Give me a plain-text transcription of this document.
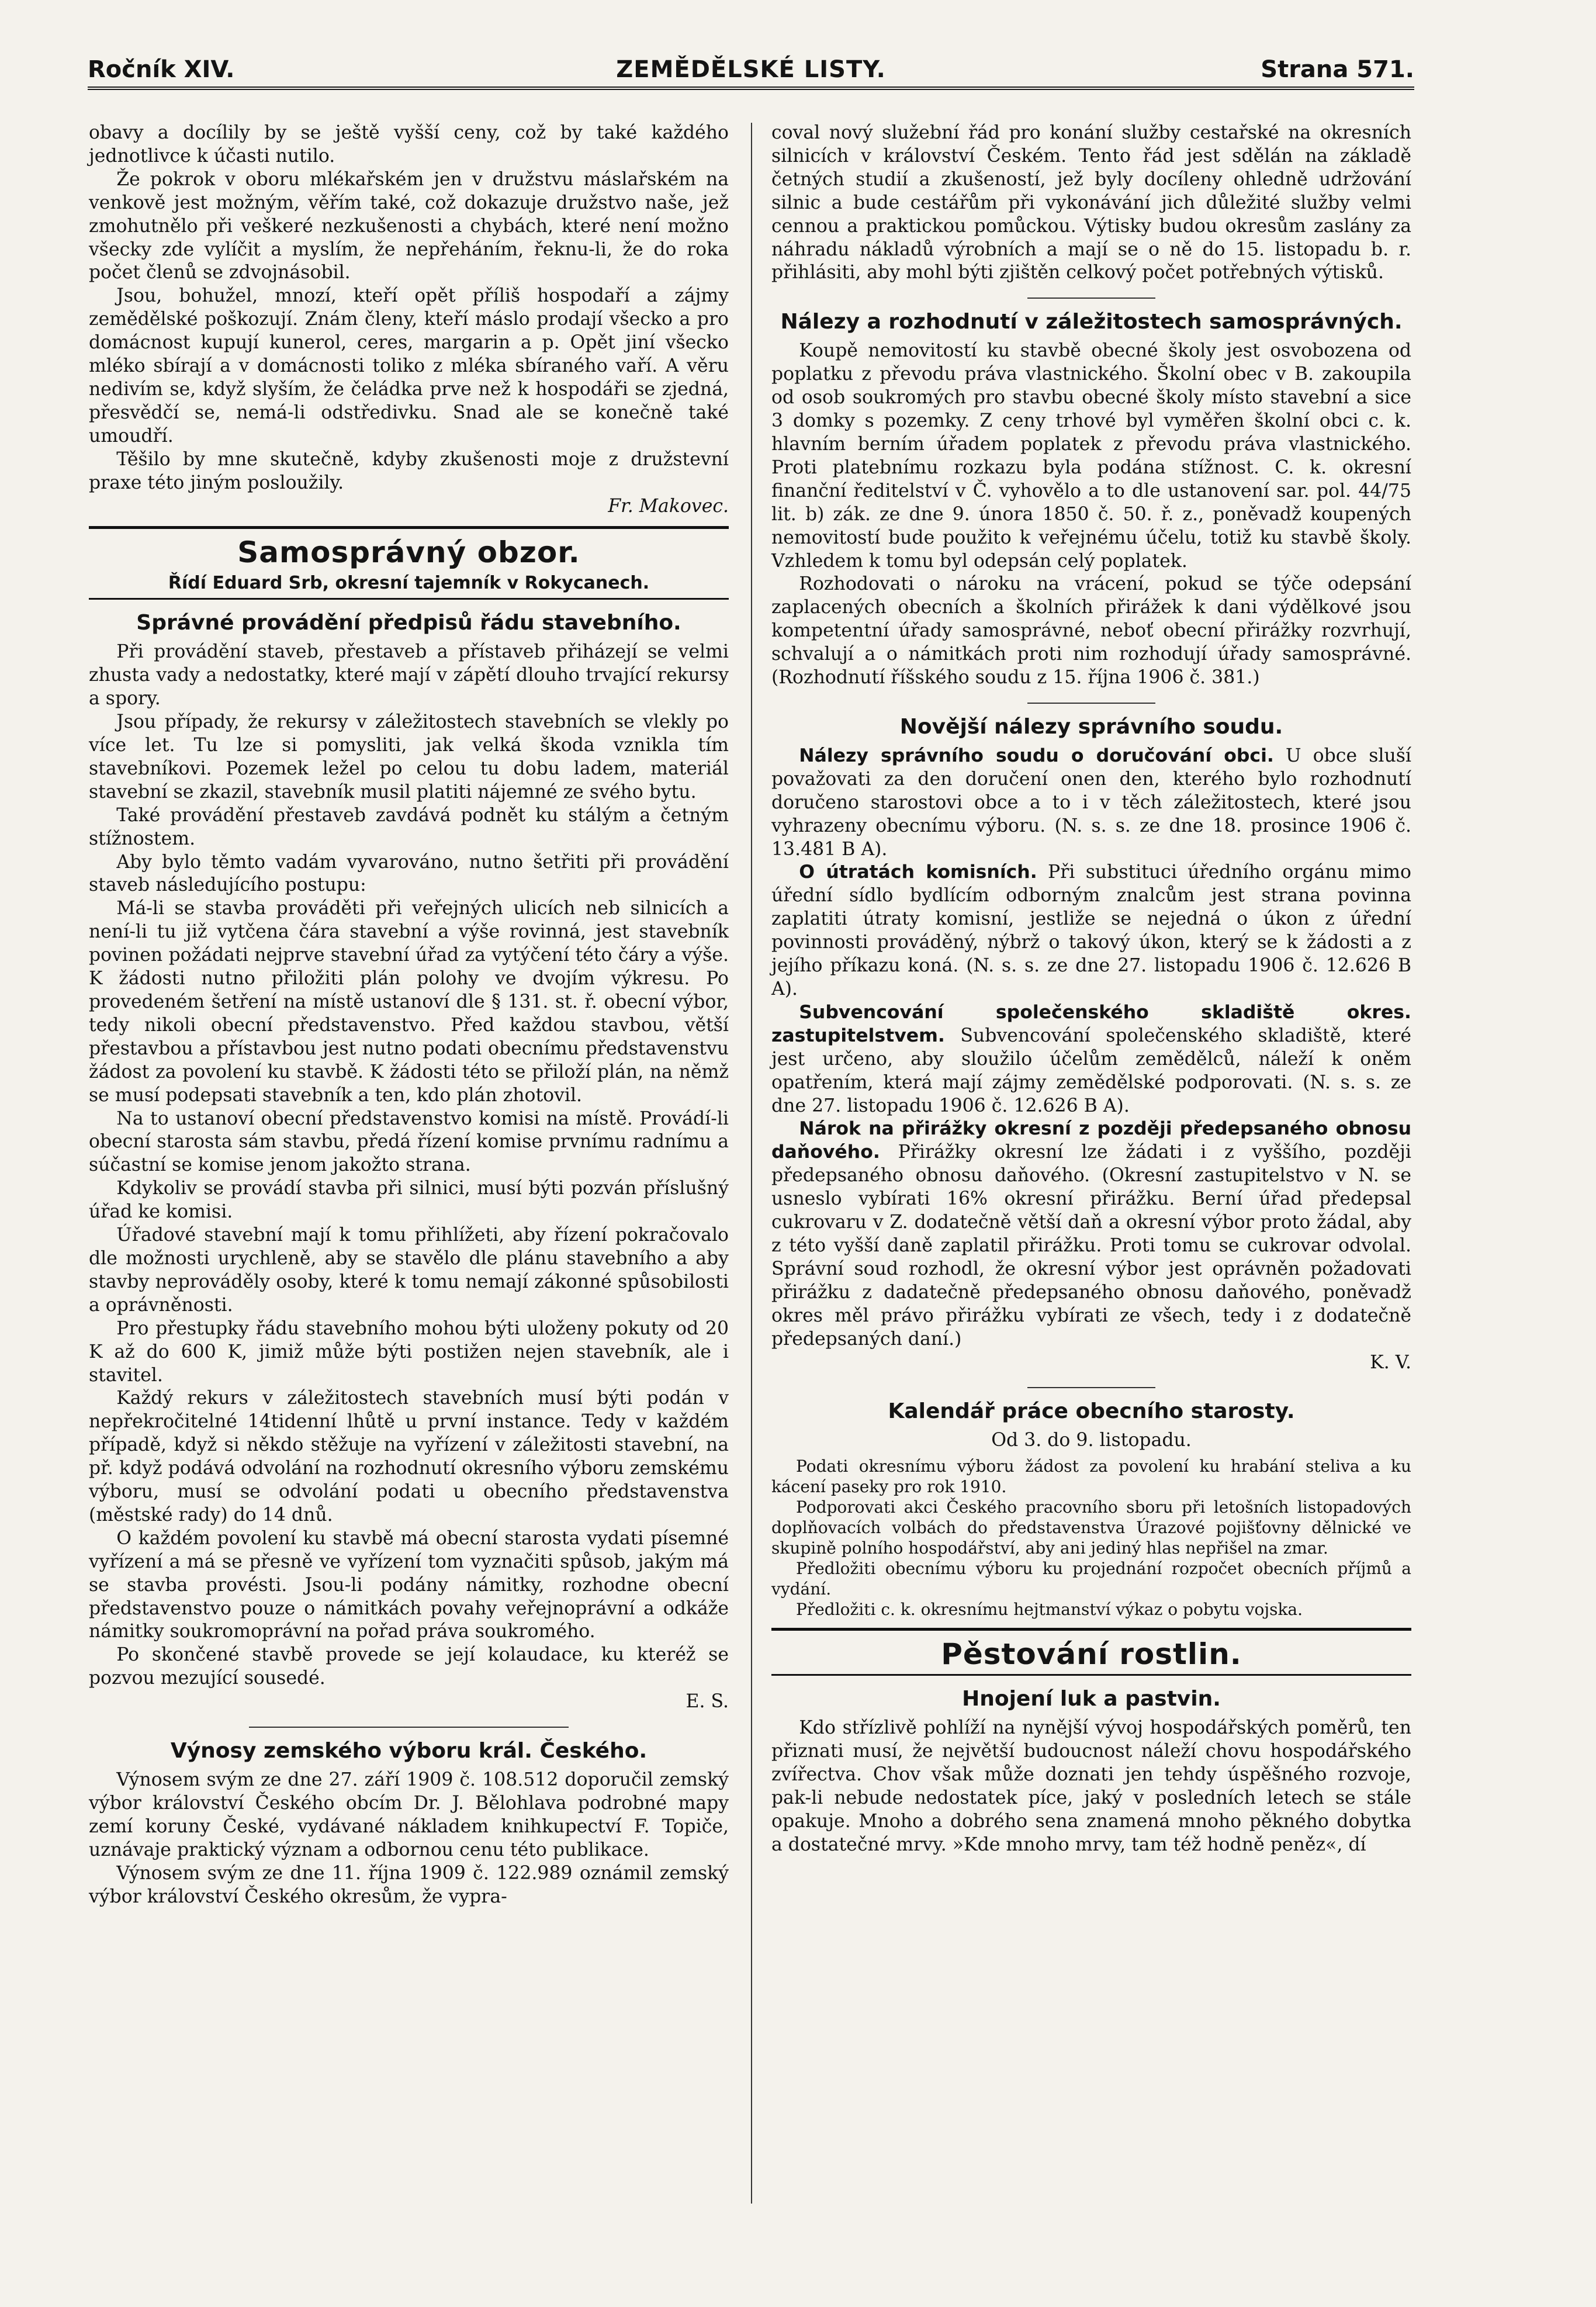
Ročník XIV.	ZEMĚDĚLSKÉ LISTY.	Strana 571.

obavy a docílily by se ještě vyšší ceny, což by také každého jednotlivce k účasti nutilo.

Že pokrok v oboru mlékařském jen v družstvu máslařském na venkově jest možným, věřím také, což dokazuje družstvo naše, jež zmohutnělo při veškeré nezkušenosti a chybách, které není možno všecky zde vylíčit a myslím, že nepřeháním, řeknu-li, že do roka počet členů se zdvojnásobil.

Jsou, bohužel, mnozí, kteří opět příliš hospodaří a zájmy zemědělské poškozují. Znám členy, kteří máslo prodají všecko a pro domácnost kupují kunerol, ceres, margarin a p. Opět jiní všecko mléko sbírají a v domácnosti toliko z mléka sbíraného vaří. A věru nedivím se, když slyším, že čeládka prve než k hospodáři se zjedná, přesvědčí se, nemá-li odstředivku. Snad ale se konečně také umoudří.

Těšilo by mne skutečně, kdyby zkušenosti moje z družstevní praxe této jiným posloužily.

Fr. Makovec.
Samosprávný obzor.
Řídí Eduard Srb, okresní tajemník v Rokycanech.
Správné provádění předpisů řádu stavebního.

Při provádění staveb, přestaveb a přístaveb přiházejí se velmi zhusta vady a nedostatky, které mají v zápětí dlouho trvající rekursy a spory.

Jsou případy, že rekursy v záležitostech stavebních se vlekly po více let. Tu lze si pomysliti, jak velká škoda vznikla tím stavebníkovi. Pozemek ležel po celou tu dobu ladem, materiál stavební se zkazil, stavebník musil platiti nájemné ze svého bytu.

Také provádění přestaveb zavdává podnět ku stálým a četným stížnostem.

Aby bylo těmto vadám vyvarováno, nutno šetřiti při provádění staveb následujícího postupu:

Má-li se stavba prováděti při veřejných ulicích neb silnicích a není-li tu již vytčena čára stavební a výše rovinná, jest stavebník povinen požádati nejprve stavební úřad za vytýčení této čáry a výše. K žádosti nutno přiložiti plán polohy ve dvojím výkresu. Po provedeném šetření na místě ustanoví dle § 131. st. ř. obecní výbor, tedy nikoli obecní představenstvo. Před každou stavbou, větší přestavbou a přístavbou jest nutno podati obecnímu představenstvu žádost za povolení ku stavbě. K žádosti této se přiloží plán, na němž se musí podepsati stavebník a ten, kdo plán zhotovil.

Na to ustanoví obecní představenstvo komisi na místě. Provádí-li obecní starosta sám stavbu, předá řízení komise prvnímu radnímu a súčastní se komise jenom jakožto strana.

Kdykoliv se provádí stavba při silnici, musí býti pozván příslušný úřad ke komisi.

Úřadové stavební mají k tomu přihlížeti, aby řízení pokračovalo dle možnosti urychleně, aby se stavělo dle plánu stavebního a aby stavby neprováděly osoby, které k tomu nemají zákonné spůsobilosti a oprávněnosti.

Pro přestupky řádu stavebního mohou býti uloženy pokuty od 20 K až do 600 K, jimiž může býti postižen nejen stavebník, ale i stavitel.

Každý rekurs v záležitostech stavebních musí býti podán v nepřekročitelné 14tidenní lhůtě u první instance. Tedy v každém případě, když si někdo stěžuje na vyřízení v záležitosti stavební, na př. když podává odvolání na rozhodnutí okresního výboru zemskému výboru, musí se odvolání podati u obecního představenstva (městské rady) do 14 dnů.

O každém povolení ku stavbě má obecní starosta vydati písemné vyřízení a má se přesně ve vyřízení tom vyznačiti spůsob, jakým má se stavba provésti. Jsou-li podány námitky, rozhodne obecní představenstvo pouze o námitkách povahy veřejnoprávní a odkáže námitky soukromoprávní na pořad práva soukromého.

Po skončené stavbě provede se její kolaudace, ku kteréž se pozvou mezující sousedé.

E. S.
Výnosy zemského výboru král. Českého.

Výnosem svým ze dne 27. září 1909 č. 108.512 doporučil zemský výbor království Českého obcím Dr. J. Bělohlava podrobné mapy zemí koruny České, vydávané nákladem knihkupectví F. Topiče, uznávaje praktický význam a odbornou cenu této publikace.

Výnosem svým ze dne 11. října 1909 č. 122.989 oznámil zemský výbor království Českého okresům, že vypra-

coval nový služební řád pro konání služby cestařské na okresních silnicích v království Českém. Tento řád jest sdělán na základě četných studií a zkušeností, jež byly docíleny ohledně udržování silnic a bude cestářům při vykonávání jich důležité služby velmi cennou a praktickou pomůckou. Výtisky budou okresům zaslány za náhradu nákladů výrobních a mají se o ně do 15. listopadu b. r. přihlásiti, aby mohl býti zjištěn celkový počet potřebných výtisků.

Nálezy a rozhodnutí v záležitostech samosprávných.

Koupě nemovitostí ku stavbě obecné školy jest osvobozena od poplatku z převodu práva vlastnického. Školní obec v B. zakoupila od osob soukromých pro stavbu obecné školy místo stavební a sice 3 domky s pozemky. Z ceny trhové byl vyměřen školní obci c. k. hlavním berním úřadem poplatek z převodu práva vlastnického. Proti platebnímu rozkazu byla podána stížnost. C. k. okresní finanční ředitelství v Č. vyhovělo a to dle ustanovení sar. pol. 44/75 lit. b) zák. ze dne 9. února 1850 č. 50. ř. z., poněvadž koupených nemovitostí bude použito k veřejnému účelu, totiž ku stavbě školy. Vzhledem k tomu byl odepsán celý poplatek.

Rozhodovati o nároku na vrácení, pokud se týče odepsání zaplacených obecních a školních přirážek k dani výdělkové jsou kompetentní úřady samosprávné, neboť obecní přirážky rozvrhují, schvalují a o námitkách proti nim rozhodují úřady samosprávné. (Rozhodnutí říšského soudu z 15. října 1906 č. 381.)

Novější nálezy správního soudu.

Nálezy správního soudu o doručování obci. U obce sluší považovati za den doručení onen den, kterého bylo rozhodnutí doručeno starostovi obce a to i v těch záležitostech, které jsou vyhrazeny obecnímu výboru. (N. s. s. ze dne 18. prosince 1906 č. 13.481 B A).

O útratách komisních. Při substituci úředního orgánu mimo úřední sídlo bydlícím odborným znalcům jest strana povinna zaplatiti útraty komisní, jestliže se nejedná o úkon z úřední povinnosti prováděný, nýbrž o takový úkon, který se k žádosti a z jejího příkazu koná. (N. s. s. ze dne 27. listopadu 1906 č. 12.626 B A).

Subvencování společenského skladiště okres. zastupitelstvem. Subvencování společenského skladiště, které jest určeno, aby sloužilo účelům zemědělců, náleží k oněm opatřením, která mají zájmy zemědělské podporovati. (N. s. s. ze dne 27. listopadu 1906 č. 12.626 B A).

Nárok na přirážky okresní z později předepsaného obnosu daňového. Přirážky okresní lze žádati i z vyššího, později předepsaného obnosu daňového. (Okresní zastupitelstvo v N. se usneslo vybírati 16% okresní přirážku. Berní úřad předepsal cukrovaru v Z. dodatečně větší daň a okresní výbor proto žádal, aby z této vyšší daně zaplatil přirážku. Proti tomu se cukrovar odvolal. Správní soud rozhodl, že okresní výbor jest oprávněn požadovati přirážku z dadatečně předepsaného obnosu daňového, poněvadž okres měl právo přirážku vybírati ze všech, tedy i z dodatečně předepsaných daní.)

K. V.
Kalendář práce obecního starosty.
Od 3. do 9. listopadu.

Podati okresnímu výboru žádost za povolení ku hrabání steliva a ku kácení paseky pro rok 1910.

Podporovati akci Českého pracovního sboru při letošních listopadových doplňovacích volbách do představenstva Úrazové pojišťovny dělnické ve skupině polního hospodářství, aby ani jediný hlas nepřišel na zmar.

Předložiti obecnímu výboru ku projednání rozpočet obecních příjmů a vydání.

Předložiti c. k. okresnímu hejtmanství výkaz o pobytu vojska.

Pěstování rostlin.
Hnojení luk a pastvin.

Kdo střízlivě pohlíží na nynější vývoj hospodářských poměrů, ten přiznati musí, že největší budoucnost náleží chovu hospodářského zvířectva. Chov však může doznati jen tehdy úspěšného rozvoje, pak-li nebude nedostatek píce, jaký v posledních letech se stále opakuje. Mnoho a dobrého sena znamená mnoho pěkného dobytka a dostatečné mrvy. »Kde mnoho mrvy, tam též hodně peněz«, dí
